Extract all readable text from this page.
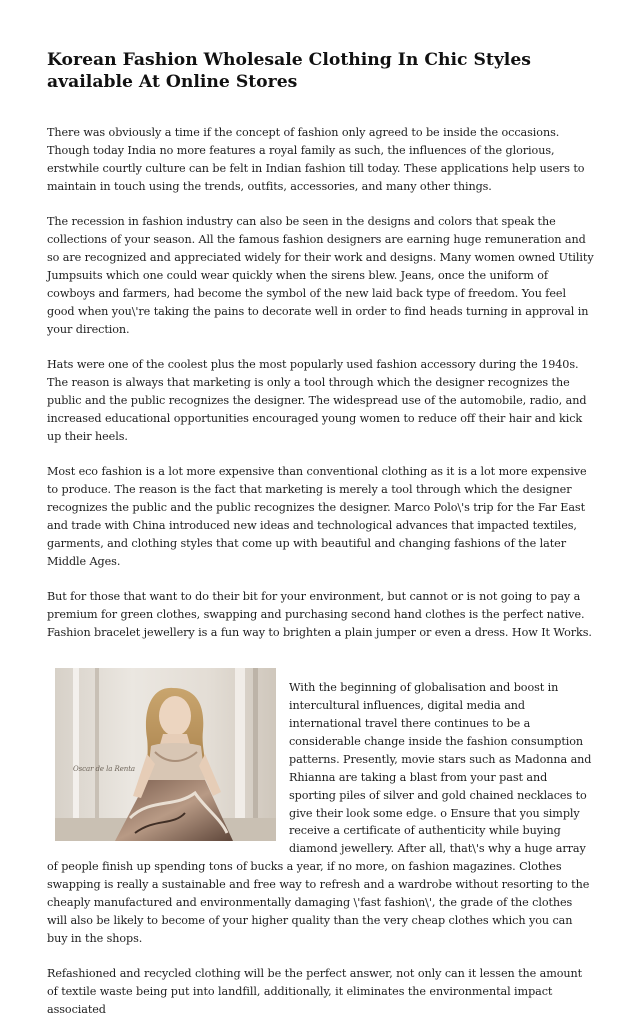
Korean Fashion Wholesale Clothing In Chic Styles available At Online Stores

There was obviously a time if the concept of fashion only agreed to be inside the occasions. Though today India no more features a royal family as such, the influences of the glorious, erstwhile courtly culture can be felt in Indian fashion till today. These applications help users to maintain in touch using the trends, outfits, accessories, and many other things.

The recession in fashion industry can also be seen in the designs and colors that speak the collections of your season. All the famous fashion designers are earning huge remuneration and so are recognized and appreciated widely for their work and designs. Many women owned Utility Jumpsuits which one could wear quickly when the sirens blew. Jeans, once the uniform of cowboys and farmers, had become the symbol of the new laid back type of freedom. You feel good when you\'re taking the pains to decorate well in order to find heads turning in approval in your direction.

Hats were one of the coolest plus the most popularly used fashion accessory during the 1940s. The reason is always that marketing is only a tool through which the designer recognizes the public and the public recognizes the designer. The widespread use of the automobile, radio, and increased educational opportunities encouraged young women to reduce off their hair and kick up their heels.

Most eco fashion is a lot more expensive than conventional clothing as it is a lot more expensive to produce. The reason is the fact that marketing is merely a tool through which the designer recognizes the public and the public recognizes the designer. Marco Polo\'s trip for the Far East and trade with China introduced new ideas and technological advances that impacted textiles, garments, and clothing styles that come up with beautiful and changing fashions of the later Middle Ages.

But for those that want to do their bit for your environment, but cannot or is not going to pay a premium for green clothes, swapping and purchasing second hand clothes is the perfect native. Fashion bracelet jewellery is a fun way to brighten a plain jumper or even a dress. How It Works.

Oscar de la Renta

With the beginning of globalisation and boost in intercultural influences, digital media and international travel there continues to be a considerable change inside the fashion consumption patterns. Presently, movie stars such as Madonna and Rhianna are taking a blast from your past and sporting piles of silver and gold chained necklaces to give their look some edge. o Ensure that you simply receive a certificate of authenticity while buying diamond jewellery. After all, that\'s why a huge array of people finish up spending tons of bucks a year, if no more, on fashion magazines. Clothes swapping is really a sustainable and free way to refresh and a wardrobe without resorting to the cheaply manufactured and environmentally damaging \'fast fashion\', the grade of the clothes will also be likely to become of your higher quality than the very cheap clothes which you can buy in the shops.

Refashioned and recycled clothing will be the perfect answer, not only can it lessen the amount of textile waste being put into landfill, additionally, it eliminates the environmental impact associated
